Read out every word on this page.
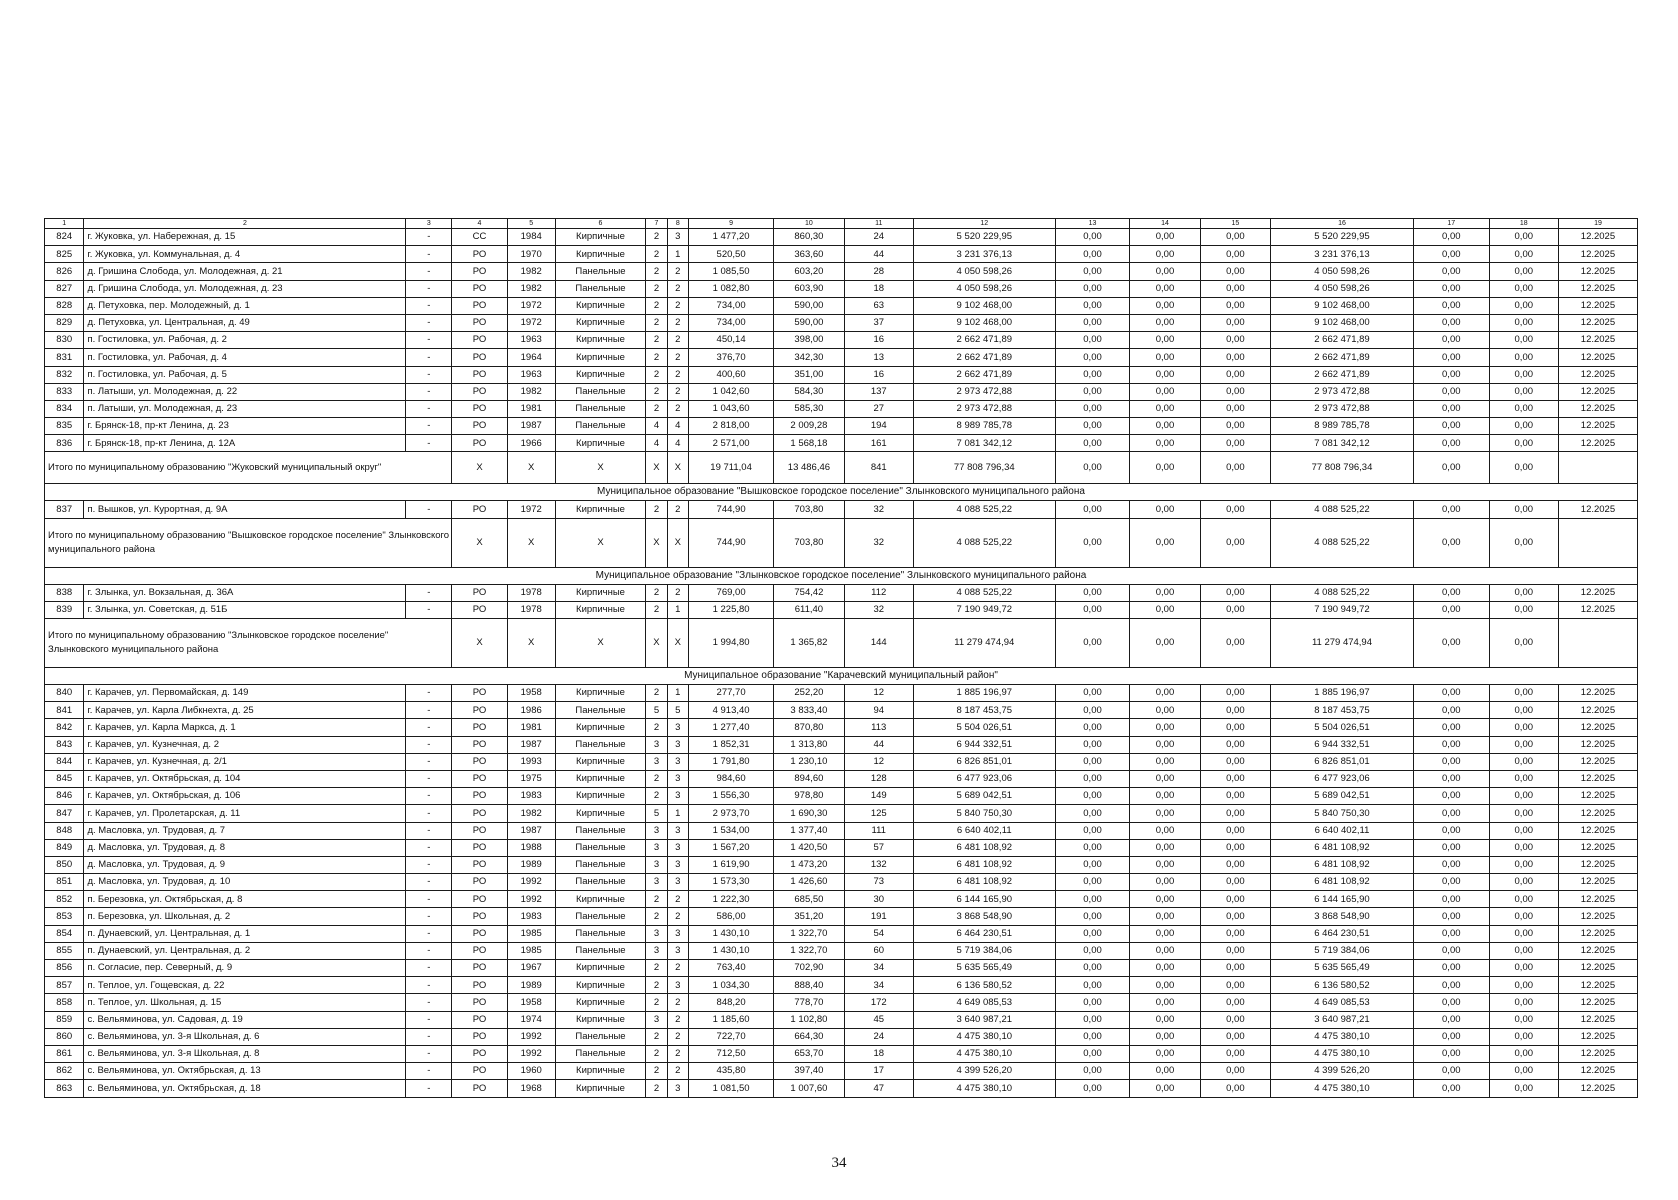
1	2	3	4	5	6	7	8	9	10	11	12	13	14	15	16	17	18	19
824	г. Жуковка, ул. Набережная, д. 15	-	СС	1984	Кирпичные	2	3	1 477,20	860,30	24	5 520 229,95	0,00	0,00	0,00	5 520 229,95	0,00	0,00	12.2025
825	г. Жуковка, ул. Коммунальная, д. 4	-	РО	1970	Кирпичные	2	1	520,50	363,60	44	3 231 376,13	0,00	0,00	0,00	3 231 376,13	0,00	0,00	12.2025
826	д. Гришина Слобода, ул. Молодежная, д. 21	-	РО	1982	Панельные	2	2	1 085,50	603,20	28	4 050 598,26	0,00	0,00	0,00	4 050 598,26	0,00	0,00	12.2025
827	д. Гришина Слобода, ул. Молодежная, д. 23	-	РО	1982	Панельные	2	2	1 082,80	603,90	18	4 050 598,26	0,00	0,00	0,00	4 050 598,26	0,00	0,00	12.2025
828	д. Петуховка, пер. Молодежный, д. 1	-	РО	1972	Кирпичные	2	2	734,00	590,00	63	9 102 468,00	0,00	0,00	0,00	9 102 468,00	0,00	0,00	12.2025
829	д. Петуховка, ул. Центральная, д. 49	-	РО	1972	Кирпичные	2	2	734,00	590,00	37	9 102 468,00	0,00	0,00	0,00	9 102 468,00	0,00	0,00	12.2025
830	п. Гостиловка, ул. Рабочая, д. 2	-	РО	1963	Кирпичные	2	2	450,14	398,00	16	2 662 471,89	0,00	0,00	0,00	2 662 471,89	0,00	0,00	12.2025
831	п. Гостиловка, ул. Рабочая, д. 4	-	РО	1964	Кирпичные	2	2	376,70	342,30	13	2 662 471,89	0,00	0,00	0,00	2 662 471,89	0,00	0,00	12.2025
832	п. Гостиловка, ул. Рабочая, д. 5	-	РО	1963	Кирпичные	2	2	400,60	351,00	16	2 662 471,89	0,00	0,00	0,00	2 662 471,89	0,00	0,00	12.2025
833	п. Латыши, ул. Молодежная, д. 22	-	РО	1982	Панельные	2	2	1 042,60	584,30	137	2 973 472,88	0,00	0,00	0,00	2 973 472,88	0,00	0,00	12.2025
834	п. Латыши, ул. Молодежная, д. 23	-	РО	1981	Панельные	2	2	1 043,60	585,30	27	2 973 472,88	0,00	0,00	0,00	2 973 472,88	0,00	0,00	12.2025
835	г. Брянск-18, пр-кт Ленина, д. 23	-	РО	1987	Панельные	4	4	2 818,00	2 009,28	194	8 989 785,78	0,00	0,00	0,00	8 989 785,78	0,00	0,00	12.2025
836	г. Брянск-18, пр-кт Ленина, д. 12А	-	РО	1966	Кирпичные	4	4	2 571,00	1 568,18	161	7 081 342,12	0,00	0,00	0,00	7 081 342,12	0,00	0,00	12.2025
Итого по муниципальному образованию "Жуковский муниципальный округ"			X	X	X	X	X	19 711,04	13 486,46	841	77 808 796,34	0,00	0,00	0,00	77 808 796,34	0,00	0,00	
Муниципальное образование "Вышковское городское поселение" Злынковского муниципального района																		
837	п. Вышков, ул. Курортная, д. 9А	-	РО	1972	Кирпичные	2	2	744,90	703,80	32	4 088 525,22	0,00	0,00	0,00	4 088 525,22	0,00	0,00	12.2025
Итого по муниципальному образованию "Вышковское городское поселение" Злынковского муниципального района			X	X	X	X	X	744,90	703,80	32	4 088 525,22	0,00	0,00	0,00	4 088 525,22	0,00	0,00	
Муниципальное образование "Злынковское городское поселение" Злынковского муниципального района																		
838	г. Злынка, ул. Вокзальная, д. 36А	-	РО	1978	Кирпичные	2	2	769,00	754,42	112	4 088 525,22	0,00	0,00	0,00	4 088 525,22	0,00	0,00	12.2025
839	г. Злынка, ул. Советская, д. 51Б	-	РО	1978	Кирпичные	2	1	1 225,80	611,40	32	7 190 949,72	0,00	0,00	0,00	7 190 949,72	0,00	0,00	12.2025
Итого по муниципальному образованию "Злынковское городское поселение" Злынковского муниципального района			X	X	X	X	X	1 994,80	1 365,82	144	11 279 474,94	0,00	0,00	0,00	11 279 474,94	0,00	0,00	
Муниципальное образование "Карачевский муниципальный район"																		
840	г. Карачев, ул. Первомайская, д. 149	-	РО	1958	Кирпичные	2	1	277,70	252,20	12	1 885 196,97	0,00	0,00	0,00	1 885 196,97	0,00	0,00	12.2025
841	г. Карачев, ул. Карла Либкнехта, д. 25	-	РО	1986	Панельные	5	5	4 913,40	3 833,40	94	8 187 453,75	0,00	0,00	0,00	8 187 453,75	0,00	0,00	12.2025
842	г. Карачев, ул. Карла Маркса, д. 1	-	РО	1981	Кирпичные	2	3	1 277,40	870,80	113	5 504 026,51	0,00	0,00	0,00	5 504 026,51	0,00	0,00	12.2025
843	г. Карачев, ул. Кузнечная, д. 2	-	РО	1987	Панельные	3	3	1 852,31	1 313,80	44	6 944 332,51	0,00	0,00	0,00	6 944 332,51	0,00	0,00	12.2025
844	г. Карачев, ул. Кузнечная, д. 2/1	-	РО	1993	Кирпичные	3	3	1 791,80	1 230,10	12	6 826 851,01	0,00	0,00	0,00	6 826 851,01	0,00	0,00	12.2025
845	г. Карачев, ул. Октябрьская, д. 104	-	РО	1975	Кирпичные	2	3	984,60	894,60	128	6 477 923,06	0,00	0,00	0,00	6 477 923,06	0,00	0,00	12.2025
846	г. Карачев, ул. Октябрьская, д. 106	-	РО	1983	Кирпичные	2	3	1 556,30	978,80	149	5 689 042,51	0,00	0,00	0,00	5 689 042,51	0,00	0,00	12.2025
847	г. Карачев, ул. Пролетарская, д. 11	-	РО	1982	Кирпичные	5	1	2 973,70	1 690,30	125	5 840 750,30	0,00	0,00	0,00	5 840 750,30	0,00	0,00	12.2025
848	д. Масловка, ул. Трудовая, д. 7	-	РО	1987	Панельные	3	3	1 534,00	1 377,40	111	6 640 402,11	0,00	0,00	0,00	6 640 402,11	0,00	0,00	12.2025
849	д. Масловка, ул. Трудовая, д. 8	-	РО	1988	Панельные	3	3	1 567,20	1 420,50	57	6 481 108,92	0,00	0,00	0,00	6 481 108,92	0,00	0,00	12.2025
850	д. Масловка, ул. Трудовая, д. 9	-	РО	1989	Панельные	3	3	1 619,90	1 473,20	132	6 481 108,92	0,00	0,00	0,00	6 481 108,92	0,00	0,00	12.2025
851	д. Масловка, ул. Трудовая, д. 10	-	РО	1992	Панельные	3	3	1 573,30	1 426,60	73	6 481 108,92	0,00	0,00	0,00	6 481 108,92	0,00	0,00	12.2025
852	п. Березовка, ул. Октябрьская, д. 8	-	РО	1992	Кирпичные	2	2	1 222,30	685,50	30	6 144 165,90	0,00	0,00	0,00	6 144 165,90	0,00	0,00	12.2025
853	п. Березовка, ул. Школьная, д. 2	-	РО	1983	Панельные	2	2	586,00	351,20	191	3 868 548,90	0,00	0,00	0,00	3 868 548,90	0,00	0,00	12.2025
854	п. Дунаевский, ул. Центральная, д. 1	-	РО	1985	Панельные	3	3	1 430,10	1 322,70	54	6 464 230,51	0,00	0,00	0,00	6 464 230,51	0,00	0,00	12.2025
855	п. Дунаевский, ул. Центральная, д. 2	-	РО	1985	Панельные	3	3	1 430,10	1 322,70	60	5 719 384,06	0,00	0,00	0,00	5 719 384,06	0,00	0,00	12.2025
856	п. Согласие, пер. Северный, д. 9	-	РО	1967	Кирпичные	2	2	763,40	702,90	34	5 635 565,49	0,00	0,00	0,00	5 635 565,49	0,00	0,00	12.2025
857	п. Теплое, ул. Гощевская, д. 22	-	РО	1989	Кирпичные	2	3	1 034,30	888,40	34	6 136 580,52	0,00	0,00	0,00	6 136 580,52	0,00	0,00	12.2025
858	п. Теплое, ул. Школьная, д. 15	-	РО	1958	Кирпичные	2	2	848,20	778,70	172	4 649 085,53	0,00	0,00	0,00	4 649 085,53	0,00	0,00	12.2025
859	с. Вельяминова, ул. Садовая, д. 19	-	РО	1974	Кирпичные	3	2	1 185,60	1 102,80	45	3 640 987,21	0,00	0,00	0,00	3 640 987,21	0,00	0,00	12.2025
860	с. Вельяминова, ул. 3-я Школьная, д. 6	-	РО	1992	Панельные	2	2	722,70	664,30	24	4 475 380,10	0,00	0,00	0,00	4 475 380,10	0,00	0,00	12.2025
861	с. Вельяминова, ул. 3-я Школьная, д. 8	-	РО	1992	Панельные	2	2	712,50	653,70	18	4 475 380,10	0,00	0,00	0,00	4 475 380,10	0,00	0,00	12.2025
862	с. Вельяминова, ул. Октябрьская, д. 13	-	РО	1960	Кирпичные	2	2	435,80	397,40	17	4 399 526,20	0,00	0,00	0,00	4 399 526,20	0,00	0,00	12.2025
863	с. Вельяминова, ул. Октябрьская, д. 18	-	РО	1968	Кирпичные	2	3	1 081,50	1 007,60	47	4 475 380,10	0,00	0,00	0,00	4 475 380,10	0,00	0,00	12.2025
34
